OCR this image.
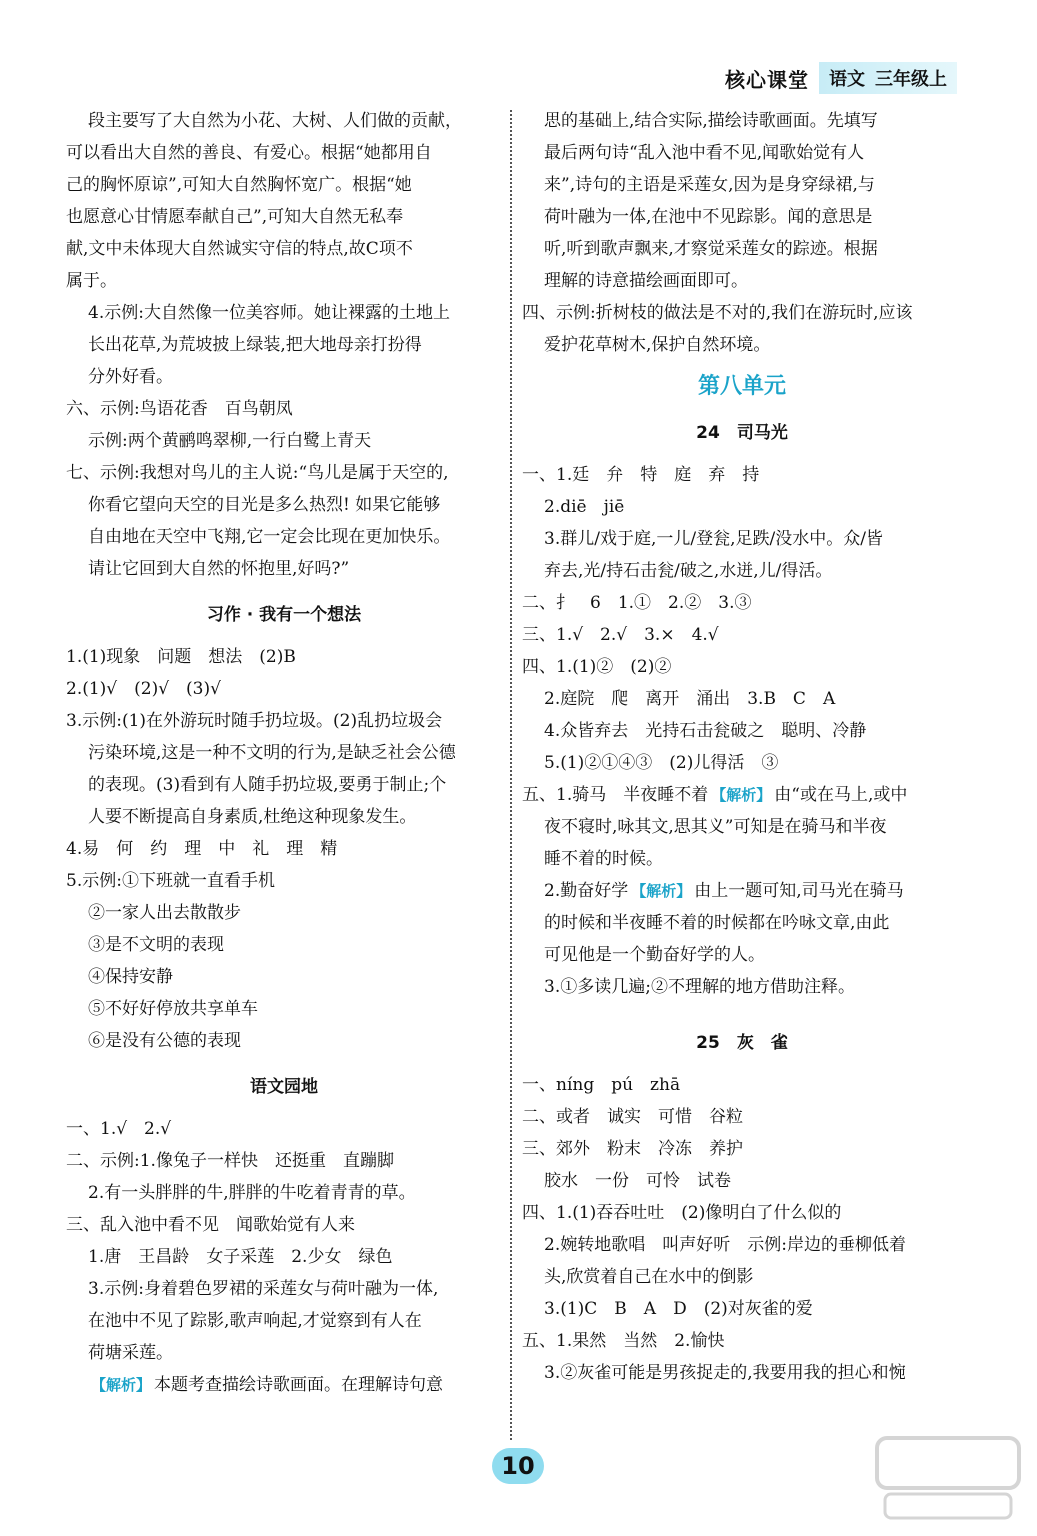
核心课堂 语文 三年级上

段主要写了大自然为小花、大树、人们做的贡献，

可以看出大自然的善良、有爱心。根据“她都用自

己的胸怀原谅”,可知大自然胸怀宽广。根据“她

也愿意心甘情愿奉献自己”,可知大自然无私奉

献,文中未体现大自然诚实守信的特点,故C项不

属于。

4.示例:大自然像一位美容师。她让裸露的土地上

长出花草,为荒坡披上绿装,把大地母亲打扮得

分外好看。

六、示例:鸟语花香　百鸟朝凤

示例:两个黄鹂鸣翠柳,一行白鹭上青天

七、示例:我想对鸟儿的主人说:“鸟儿是属于天空的,

你看它望向天空的目光是多么热烈! 如果它能够

自由地在天空中飞翔,它一定会比现在更加快乐。

请让它回到大自然的怀抱里,好吗?”

习作 · 我有一个想法

1.(1)现象　问题　想法　(2)B

2.(1)√　(2)√　(3)√

3.示例:(1)在外游玩时随手扔垃圾。(2)乱扔垃圾会

污染环境,这是一种不文明的行为,是缺乏社会公德

的表现。(3)看到有人随手扔垃圾,要勇于制止;个

人要不断提高自身素质,杜绝这种现象发生。

4.易　何　约　理　中　礼　理　精

5.示例:①下班就一直看手机

②一家人出去散散步

③是不文明的表现

④保持安静

⑤不好好停放共享单车

⑥是没有公德的表现

语文园地

一、1.√　2.√

二、示例:1.像兔子一样快　还挺重　直蹦脚

2.有一头胖胖的牛,胖胖的牛吃着青青的草。

三、乱入池中看不见　闻歌始觉有人来

1.唐　王昌龄　女子采莲　2.少女　绿色

3.示例:身着碧色罗裙的采莲女与荷叶融为一体,

在池中不见了踪影,歌声响起,才觉察到有人在

荷塘采莲。

【解析】 本题考查描绘诗歌画面。在理解诗句意

思的基础上,结合实际,描绘诗歌画面。先填写

最后两句诗“乱入池中看不见,闻歌始觉有人

来”,诗句的主语是采莲女,因为是身穿绿裙,与

荷叶融为一体,在池中不见踪影。闻的意思是

听,听到歌声飘来,才察觉采莲女的踪迹。根据

理解的诗意描绘画面即可。

四、示例:折树枝的做法是不对的,我们在游玩时,应该

爱护花草树木,保护自然环境。

第八单元
24　司马光

一、1.廷　弁　特　庭　弃　持

2.diē　jiē

3.群儿/戏于庭,一儿/登瓮,足跌/没水中。众/皆

弃去,光/持石击瓮/破之,水迸,儿/得活。

二、扌　6　1.①　2.②　3.③

三、1.√　2.√　3.×　4.√

四、1.(1)②　(2)②

2.庭院　爬　离开　涌出　3.B　C　A

4.众皆弃去　光持石击瓮破之　聪明、冷静

5.(1)②①④③　(2)儿得活　③

五、1.骑马　半夜睡不着 【解析】 由“或在马上,或中

夜不寝时,咏其文,思其义”可知是在骑马和半夜

睡不着的时候。

2.勤奋好学 【解析】 由上一题可知,司马光在骑马

的时候和半夜睡不着的时候都在吟咏文章,由此

可见他是一个勤奋好学的人。

3.①多读几遍;②不理解的地方借助注释。

25　灰　雀

一、níng　pú　zhā

二、或者　诚实　可惜　谷粒

三、郊外　粉末　冷冻　养护

胶水　一份　可怜　试卷

四、1.(1)吞吞吐吐　(2)像明白了什么似的

2.婉转地歌唱　叫声好听　示例:岸边的垂柳低着

头,欣赏着自己在水中的倒影

3.(1)C　B　A　D　(2)对灰雀的爱

五、1.果然　当然　2.愉快

3.②灰雀可能是男孩捉走的,我要用我的担心和惋

10
